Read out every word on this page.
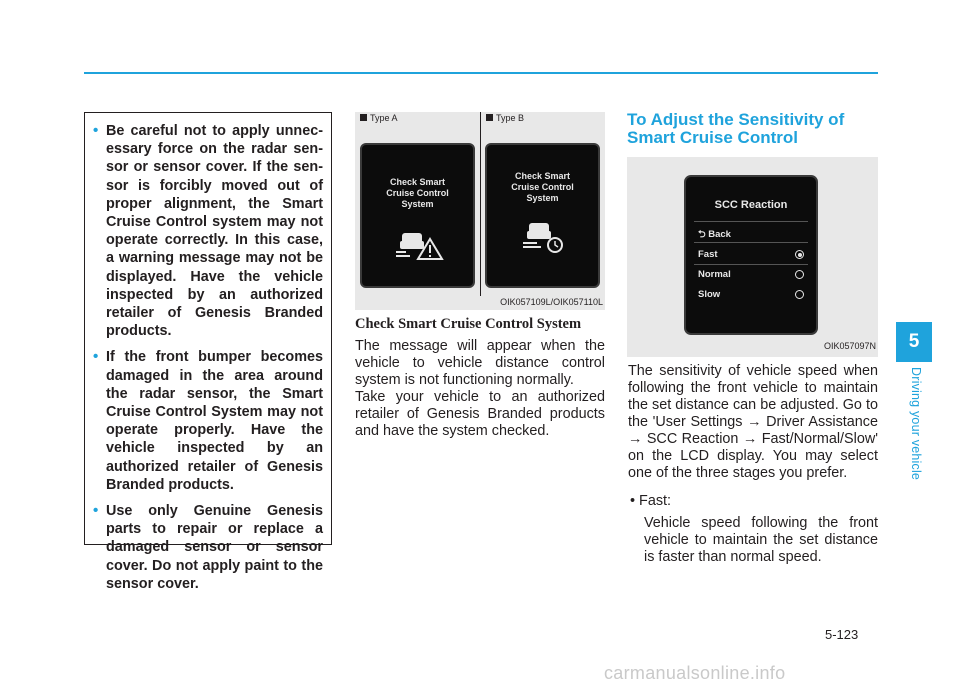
• Be careful not to apply unnec-essary force on the radar sen-sor or sensor cover. If the sen-sor is forcibly moved out of proper alignment, the Smart Cruise Control system may not operate correctly. In this case, a warning message may not be displayed. Have the vehicle inspected by an authorized retailer of Genesis Branded products.
• If the front bumper becomes damaged in the area around the radar sensor, the Smart Cruise Control System may not operate properly. Have the vehicle inspected by an authorized retailer of Genesis Branded products.
• Use only Genuine Genesis parts to repair or replace a damaged sensor or sensor cover. Do not apply paint to the sensor cover.
Type A	Type B
Check Smart
Cruise Control
System
Check Smart
Cruise Control
System
OIK057109L/OIK057110L
Check Smart Cruise Control System

The message will appear when the vehicle to vehicle distance control system is not functioning normally.

Take your vehicle to an authorized retailer of Genesis Branded products and have the system checked.

To Adjust the Sensitivity of Smart Cruise Control
SCC Reaction
⮌ Back
Fast
Normal
Slow
OIK057097N

The sensitivity of vehicle speed when following the front vehicle to maintain the set distance can be adjusted. Go to the 'User Settings → Driver Assistance → SCC Reaction → Fast/Normal/Slow' on the LCD display. You may select one of the three stages you prefer.

• Fast:
Vehicle speed following the front vehicle to maintain the set distance is faster than normal speed.
5
Driving your vehicle
5-123
carmanualsonline.info
